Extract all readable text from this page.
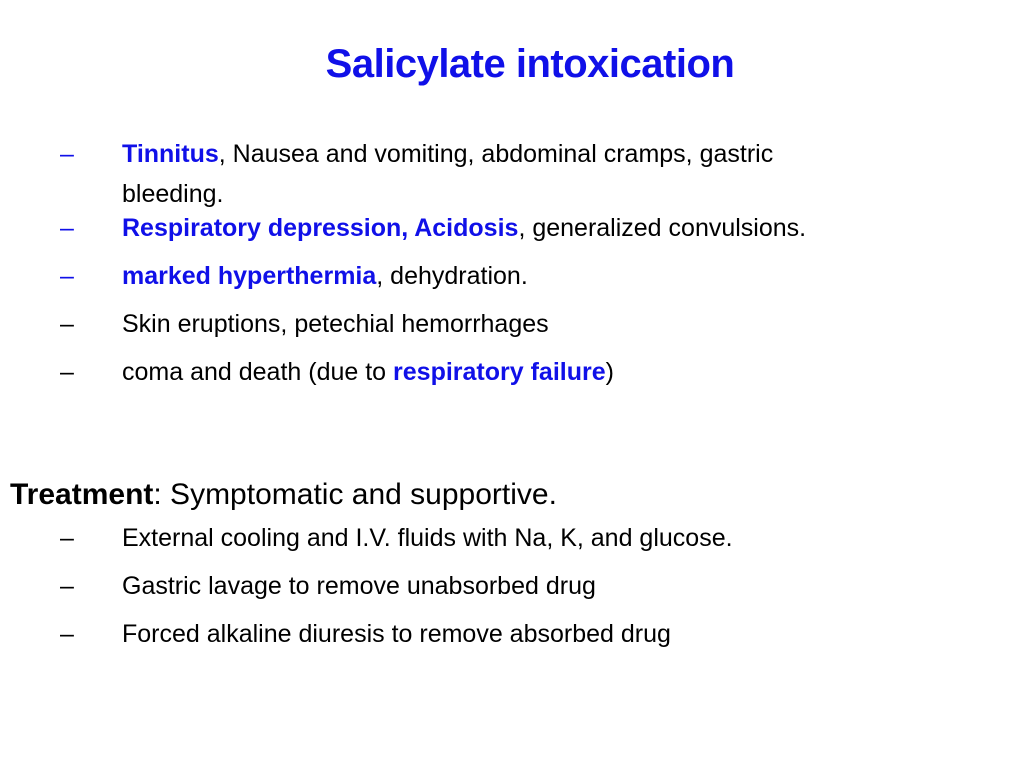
Salicylate intoxication
– Tinnitus, Nausea and vomiting, abdominal cramps, gastric
bleeding.
– Respiratory depression, Acidosis, generalized convulsions.
– marked hyperthermia, dehydration.
– Skin eruptions, petechial hemorrhages
– coma and death (due to respiratory failure)
Treatment: Symptomatic and supportive.
– External cooling and I.V. fluids with Na, K, and glucose.
– Gastric lavage to remove unabsorbed drug
– Forced alkaline diuresis to remove absorbed drug
